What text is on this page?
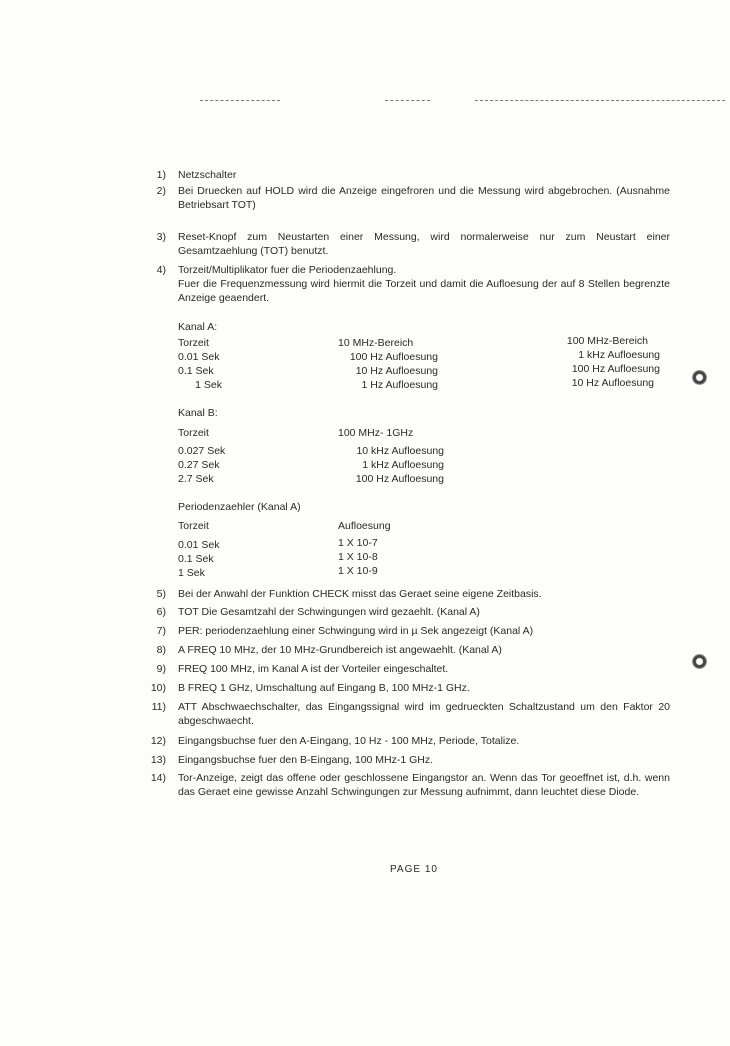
1) Netzschalter
2) Bei Druecken auf HOLD wird die Anzeige eingefroren und die Messung wird abgebrochen. (Ausnahme Betriebsart TOT)
3) Reset-Knopf zum Neustarten einer Messung, wird normalerweise nur zum Neustart einer Gesamtzaehlung (TOT) benutzt.
4) Torzeit/Multiplikator fuer die Periodenzaehlung.
Fuer die Frequenzmessung wird hiermit die Torzeit und damit die Aufloesung der auf 8 Stellen begrenzte Anzeige geaendert.
Kanal A:
Torzeit	10 MHz-Bereich	100 MHz-Bereich
0.01 Sek	100 Hz Aufloesung	1 kHz Aufloesung
0.1 Sek	10 Hz Aufloesung	100 Hz Aufloesung
1 Sek	1 Hz Aufloesung	10 Hz Aufloesung
Kanal B:
Torzeit	100 MHz- 1GHz
0.027 Sek	10 kHz Aufloesung
0.27 Sek	1 kHz Aufloesung
2.7 Sek	100 Hz Aufloesung
Periodenzaehler (Kanal A)
Torzeit	Aufloesung
0.01 Sek	1 X 10-7
0.1 Sek	1 X 10-8
1 Sek	1 X 10-9
5) Bei der Anwahl der Funktion CHECK misst das Geraet seine eigene Zeitbasis.
6) TOT Die Gesamtzahl der Schwingungen wird gezaehlt. (Kanal A)
7) PER: periodenzaehlung einer Schwingung wird in µ Sek angezeigt (Kanal A)
8) A FREQ 10 MHz, der 10 MHz-Grundbereich ist angewaehlt. (Kanal A)
9) FREQ 100 MHz, im Kanal A ist der Vorteiler eingeschaltet.
10) B FREQ 1 GHz, Umschaltung auf Eingang B, 100 MHz-1 GHz.
11) ATT Abschwaechschalter, das Eingangssignal wird im gedrueckten Schaltzustand um den Faktor 20 abgeschwaecht.
12) Eingangsbuchse fuer den A-Eingang, 10 Hz - 100 MHz, Periode, Totalize.
13) Eingangsbuchse fuer den B-Eingang, 100 MHz-1 GHz.
14) Tor-Anzeige, zeigt das offene oder geschlossene Eingangstor an. Wenn das Tor geoeffnet ist, d.h. wenn das Geraet eine gewisse Anzahl Schwingungen zur Messung aufnimmt, dann leuchtet diese Diode.
PAGE 10
